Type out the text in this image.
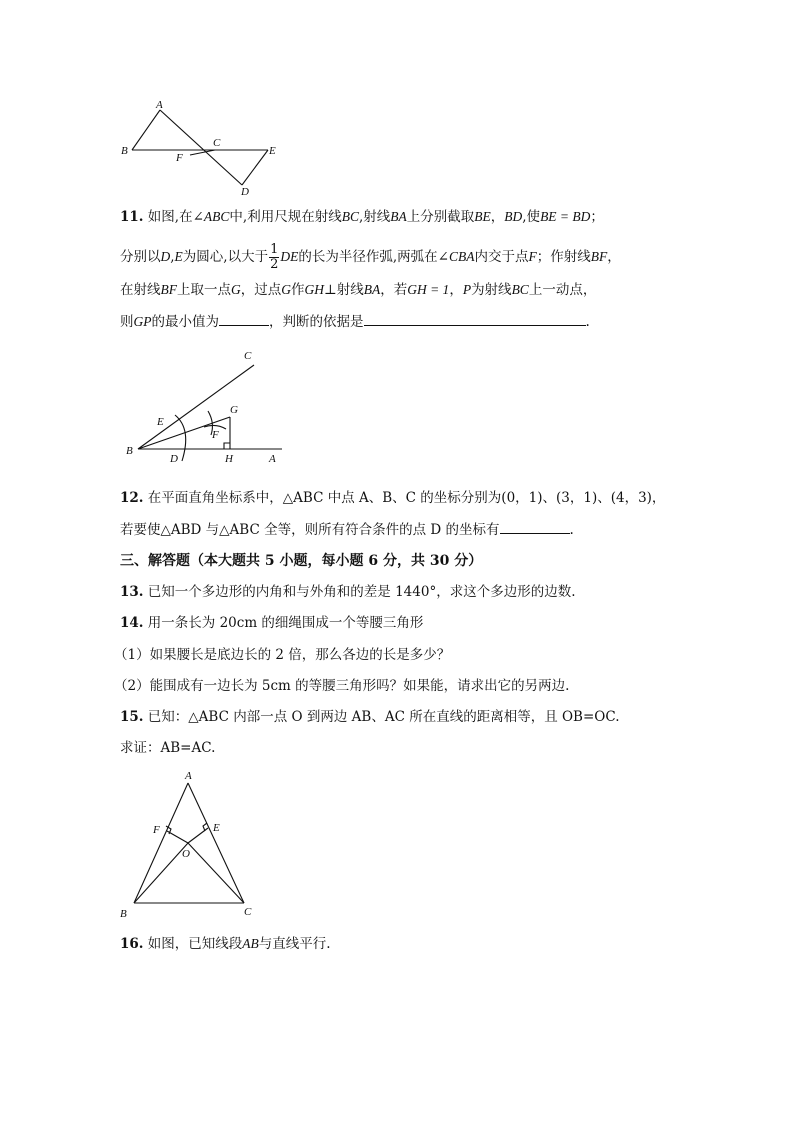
A
B
C
E
F
D
11. 如图,在∠ABC中,利用尺规在射线BC,射线BA上分别截取BE，BD,使BE = BD；
分别以D,E为圆心,以大于 $\frac{1}{2}$ DE的长为半径作弧,两弧在∠CBA内交于点F；作射线BF，
在射线BF上取一点G，过点G作GH⊥射线BA，若GH = 1，P为射线BC上一动点，
则GP的最小值为	，判断的依据是	.
C
G
E
F
B
D	H	A
12. 在平面直角坐标系中，△ABC 中点 A、B、C 的坐标分别为(0，1)、(3，1)、(4，3)，
若要使△ABD 与△ABC 全等，则所有符合条件的点 D 的坐标有	.
三、解答题（本大题共 5 小题，每小题 6 分，共 30 分）
13. 已知一个多边形的内角和与外角和的差是 1440°，求这个多边形的边数.
14. 用一条长为 20cm 的细绳围成一个等腰三角形
（1）如果腰长是底边长的 2 倍，那么各边的长是多少？
（2）能围成有一边长为 5cm 的等腰三角形吗？如果能，请求出它的另两边.
15. 已知：△ABC 内部一点 O 到两边 AB、AC 所在直线的距离相等，且 OB=OC.
求证：AB=AC.
A
F	E
O
B	C
16. 如图，已知线段AB与直线平行.
